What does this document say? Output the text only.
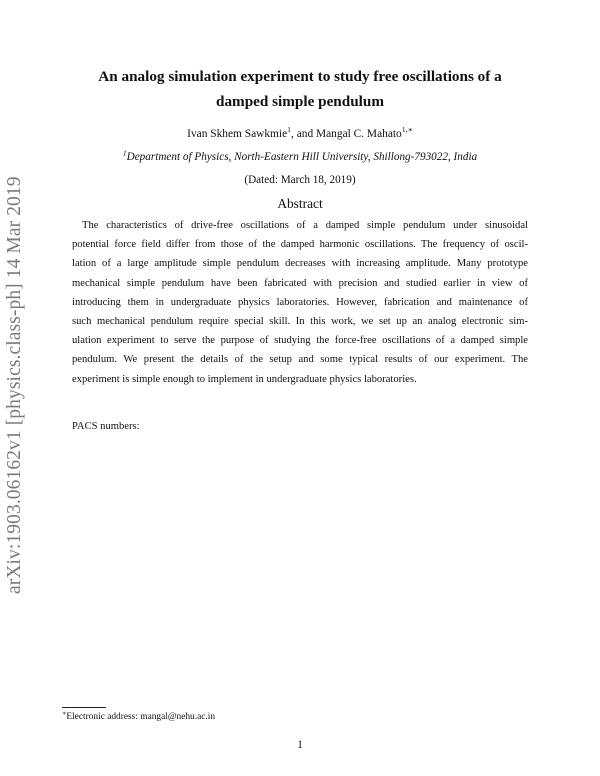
arXiv:1903.06162v1 [physics.class-ph] 14 Mar 2019
An analog simulation experiment to study free oscillations of a
damped simple pendulum
Ivan Skhem Sawkmie$^1$, and Mangal C. Mahato$^{1,∗}$
$^1$Department of Physics, North-Eastern Hill University, Shillong-793022, India
(Dated: March 18, 2019)
Abstract
The characteristics of drive-free oscillations of a damped simple pendulum under sinusoidal
potential force field differ from those of the damped harmonic oscillations. The frequency of oscil-
lation of a large amplitude simple pendulum decreases with increasing amplitude. Many prototype
mechanical simple pendulum have been fabricated with precision and studied earlier in view of
introducing them in undergraduate physics laboratories. However, fabrication and maintenance of
such mechanical pendulum require special skill. In this work, we set up an analog electronic sim-
ulation experiment to serve the purpose of studying the force-free oscillations of a damped simple
pendulum. We present the details of the setup and some typical results of our experiment. The
experiment is simple enough to implement in undergraduate physics laboratories.
PACS numbers:
∗Electronic address: mangal@nehu.ac.in
1
